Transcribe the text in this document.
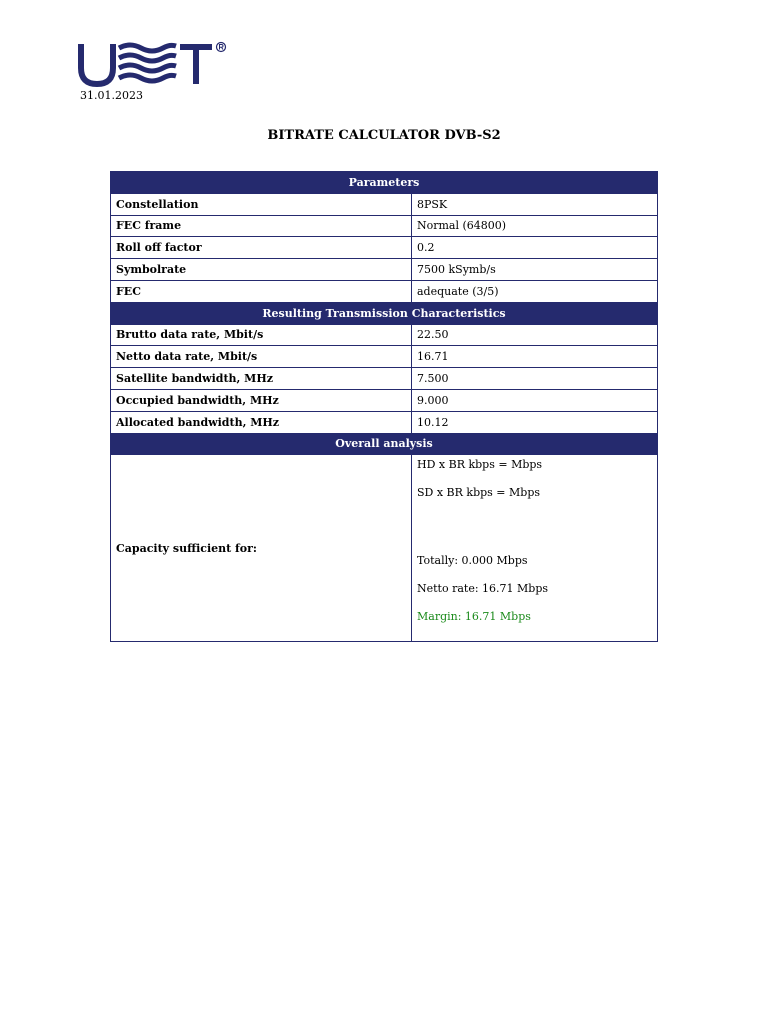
31.01.2023
BITRATE CALCULATOR DVB-S2
Parameters	
Constellation	8PSK
FEC frame	Normal (64800)
Roll off factor	0.2
Symbolrate	7500 kSymb/s
FEC	adequate (3/5)
Resulting Transmission Characteristics	
Brutto data rate, Mbit/s	22.50
Netto data rate, Mbit/s	16.71
Satellite bandwidth, MHz	7.500
Occupied bandwidth, MHz	9.000
Allocated bandwidth, MHz	10.12
Overall analysis	
Capacity sufficient for:	HD x BR kbps = Mbps
SD x BR kbps = Mbps
Totally: 0.000 Mbps
Netto rate: 16.71 Mbps
Margin: 16.71 Mbps
